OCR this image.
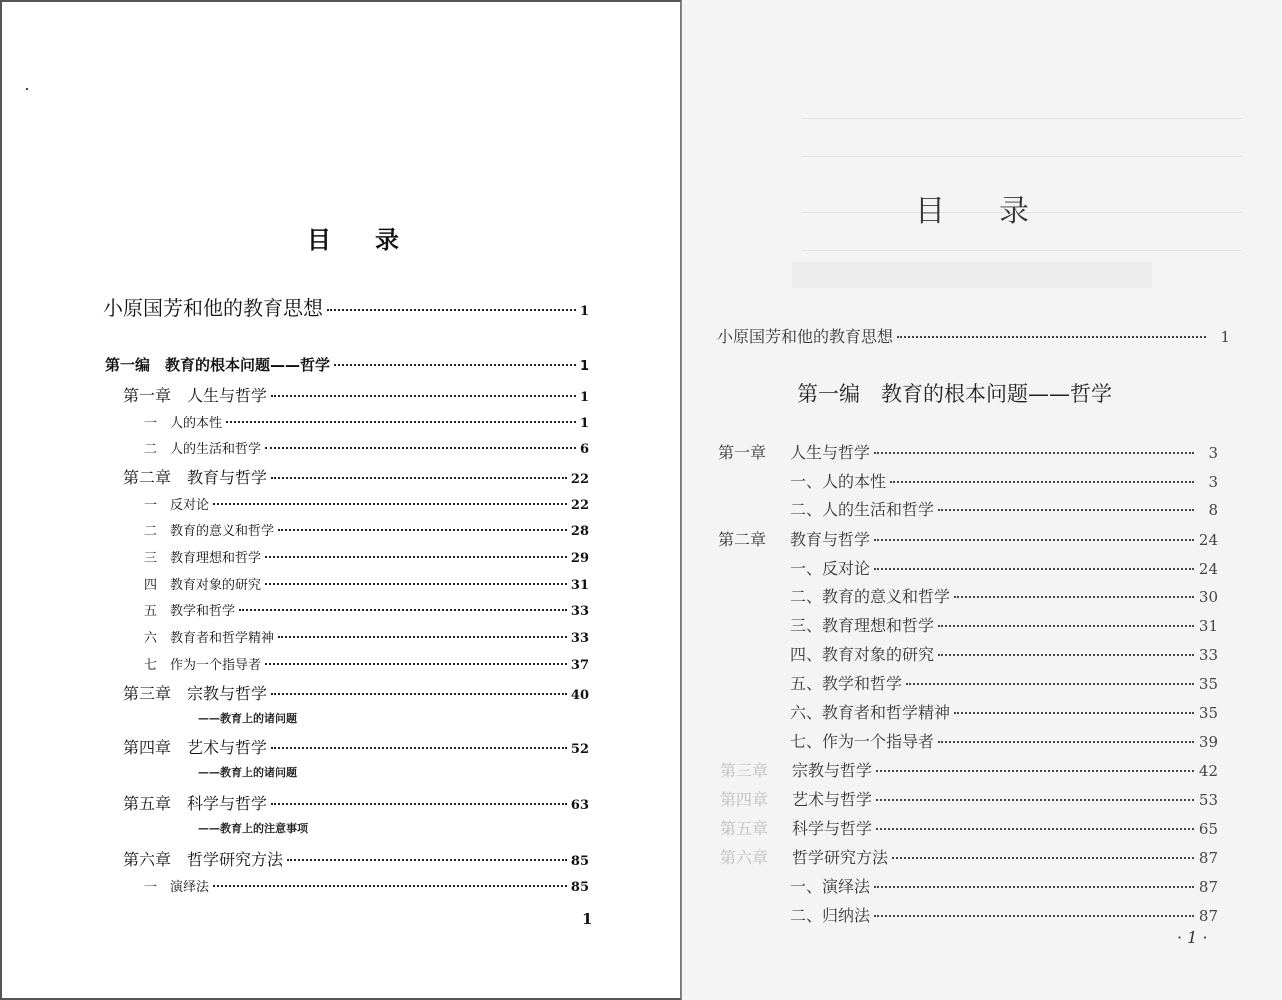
目 录
小原国芳和他的教育思想	1
第一编　教育的根本问题——哲学	1
第一章　人生与哲学	1
一　人的本性	1
二　人的生活和哲学	6
第二章　教育与哲学	22
一　反对论	22
二　教育的意义和哲学	28
三　教育理想和哲学	29
四　教育对象的研究	31
五　教学和哲学	33
六　教育者和哲学精神	33
七　作为一个指导者	37
第三章　宗教与哲学	40
——教育上的诸问题
第四章　艺术与哲学	52
——教育上的诸问题
第五章　科学与哲学	63
——教育上的注意事项
第六章　哲学研究方法	85
一　演绎法	85
1
目 录
小原国芳和他的教育思想	1
第一编　教育的根本问题——哲学
第一章 人生与哲学	3
一、人的本性	3
二、人的生活和哲学	8
第二章 教育与哲学	24
一、反对论	24
二、教育的意义和哲学	30
三、教育理想和哲学	31
四、教育对象的研究	33
五、教学和哲学	35
六、教育者和哲学精神	35
七、作为一个指导者	39
第三章 宗教与哲学	42
第四章 艺术与哲学	53
第五章 科学与哲学	65
第六章 哲学研究方法	87
一、演绎法	87
二、归纳法	87
· 1 ·
